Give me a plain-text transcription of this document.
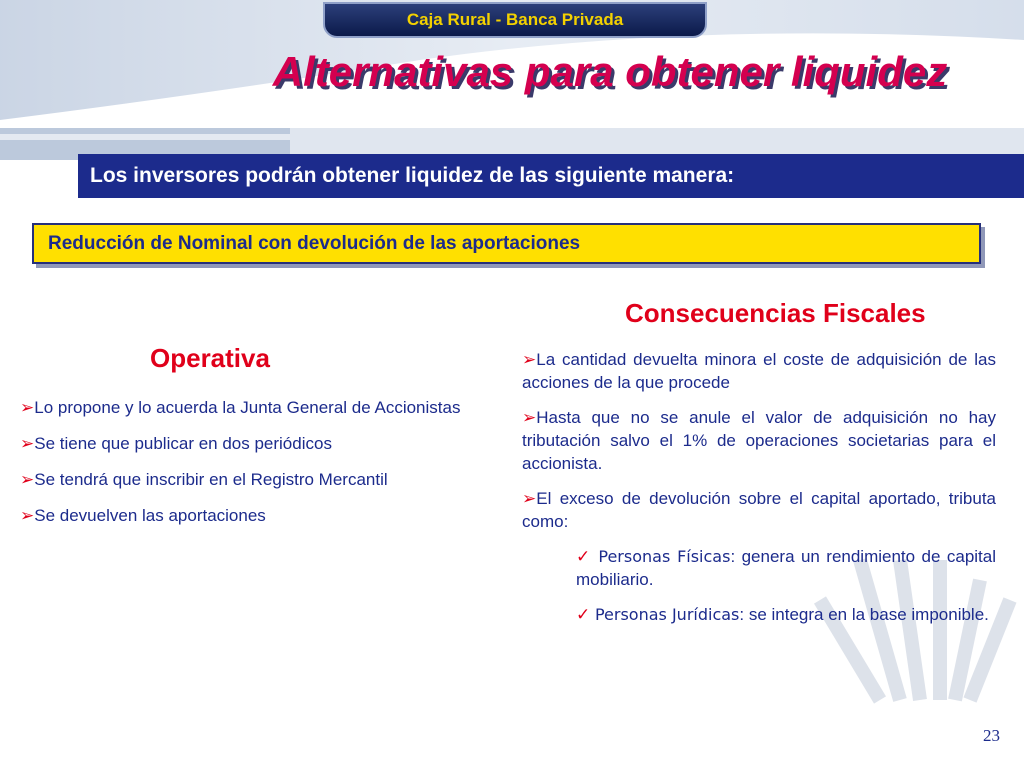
Caja Rural - Banca Privada
Alternativas para obtener liquidez
Los inversores podrán obtener liquidez de las siguiente manera:
Reducción de Nominal con devolución de las aportaciones
Operativa

➢Lo propone y lo acuerda la Junta General de Accionistas

➢Se tiene que publicar en dos periódicos

➢Se tendrá que inscribir en el Registro Mercantil

➢Se devuelven las aportaciones

Consecuencias Fiscales

➢La cantidad devuelta minora el coste de adquisición de las acciones de la que procede

➢Hasta que no se anule el valor de adquisición no hay tributación salvo el 1% de operaciones societarias para el accionista.

➢El exceso de devolución sobre el capital aportado, tributa como:

✓ Personas Físicas: genera un rendimiento de capital mobiliario.

✓ Personas Jurídicas: se integra en la base imponible.

23
